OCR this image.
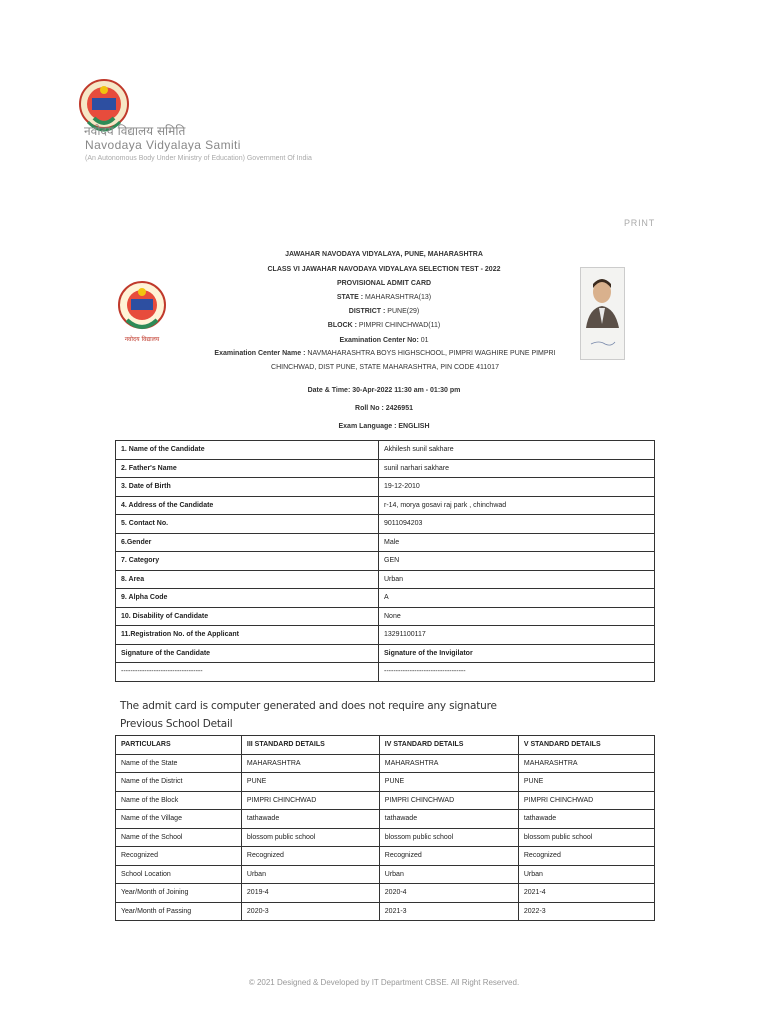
नवोदय विद्यालय समिति
Navodaya Vidyalaya Samiti
(An Autonomous Body Under Ministry of Education) Government Of India
PRINT
JAWAHAR NAVODAYA VIDYALAYA, PUNE, MAHARASHTRA
CLASS VI JAWAHAR NAVODAYA VIDYALAYA SELECTION TEST - 2022
PROVISIONAL ADMIT CARD
STATE : MAHARASHTRA(13)
DISTRICT : PUNE(29)
BLOCK : PIMPRI CHINCHWAD(11)
Examination Center No: 01
Examination Center Name : NAVMAHARASHTRA BOYS HIGHSCHOOL, PIMPRI WAGHIRE PUNE PIMPRI CHINCHWAD, DIST PUNE, STATE MAHARASHTRA, PIN CODE 411017
Date & Time: 30-Apr-2022 11:30 am - 01:30 pm
Roll No : 2426951
Exam Language : ENGLISH
नवोदय विद्यालय
1. Name of the Candidate	Akhilesh sunil sakhare
2. Father's Name	sunil narhari sakhare
3. Date of Birth	19-12-2010
4. Address of the Candidate	r-14, morya gosavi raj park , chinchwad
5. Contact No.	9011094203
6.Gender	Male
7. Category	GEN
8. Area	Urban
9. Alpha Code	A
10. Disability of Candidate	None
11.Registration No. of the Applicant	13291100117
Signature of the Candidate	Signature of the Invigilator
-----------------------------------	-----------------------------------
The admit card is computer generated and does not require any signature
Previous School Detail
PARTICULARS	III STANDARD DETAILS	IV STANDARD DETAILS	V STANDARD DETAILS
Name of the State	MAHARASHTRA	MAHARASHTRA	MAHARASHTRA
Name of the District	PUNE	PUNE	PUNE
Name of the Block	PIMPRI CHINCHWAD	PIMPRI CHINCHWAD	PIMPRI CHINCHWAD
Name of the Village	tathawade	tathawade	tathawade
Name of the School	blossom public school	blossom public school	blossom public school
Recognized	Recognized	Recognized	Recognized
School Location	Urban	Urban	Urban
Year/Month of Joining	2019-4	2020-4	2021-4
Year/Month of Passing	2020-3	2021-3	2022-3
© 2021 Designed & Developed by IT Department CBSE. All Right Reserved.
